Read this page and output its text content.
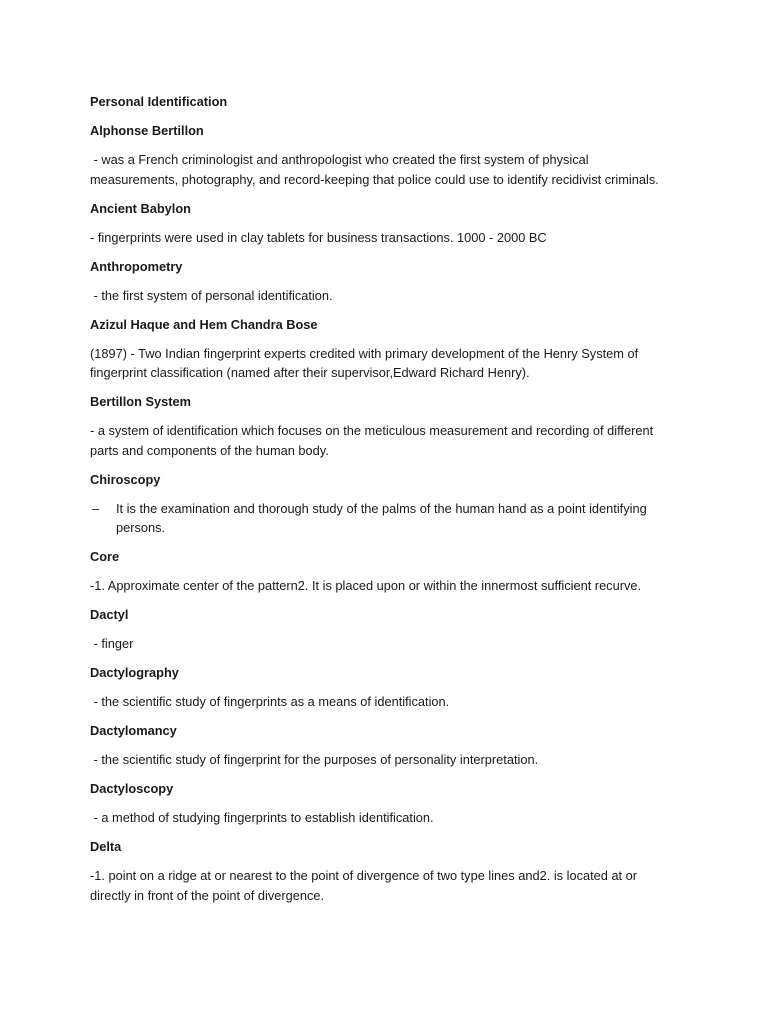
Personal Identification
Alphonse Bertillon
- was a French criminologist and anthropologist who created the first system of physical measurements, photography, and record-keeping that police could use to identify recidivist criminals.
Ancient Babylon
- fingerprints were used in clay tablets for business transactions. 1000 - 2000 BC
Anthropometry
- the first system of personal identification.
Azizul Haque and Hem Chandra Bose
(1897) - Two Indian fingerprint experts credited with primary development of the Henry System of fingerprint classification (named after their supervisor,Edward Richard Henry).
Bertillon System
- a system of identification which focuses on the meticulous measurement and recording of different parts and components of the human body.
Chiroscopy
– It is the examination and thorough study of the palms of the human hand as a point identifying persons.
Core
-1. Approximate center of the pattern2. It is placed upon or within the innermost sufficient recurve.
Dactyl
- finger
Dactylography
- the scientific study of fingerprints as a means of identification.
Dactylomancy
- the scientific study of fingerprint for the purposes of personality interpretation.
Dactyloscopy
- a method of studying fingerprints to establish identification.
Delta
-1. point on a ridge at or nearest to the point of divergence of two type lines and2. is located at or directly in front of the point of divergence.
